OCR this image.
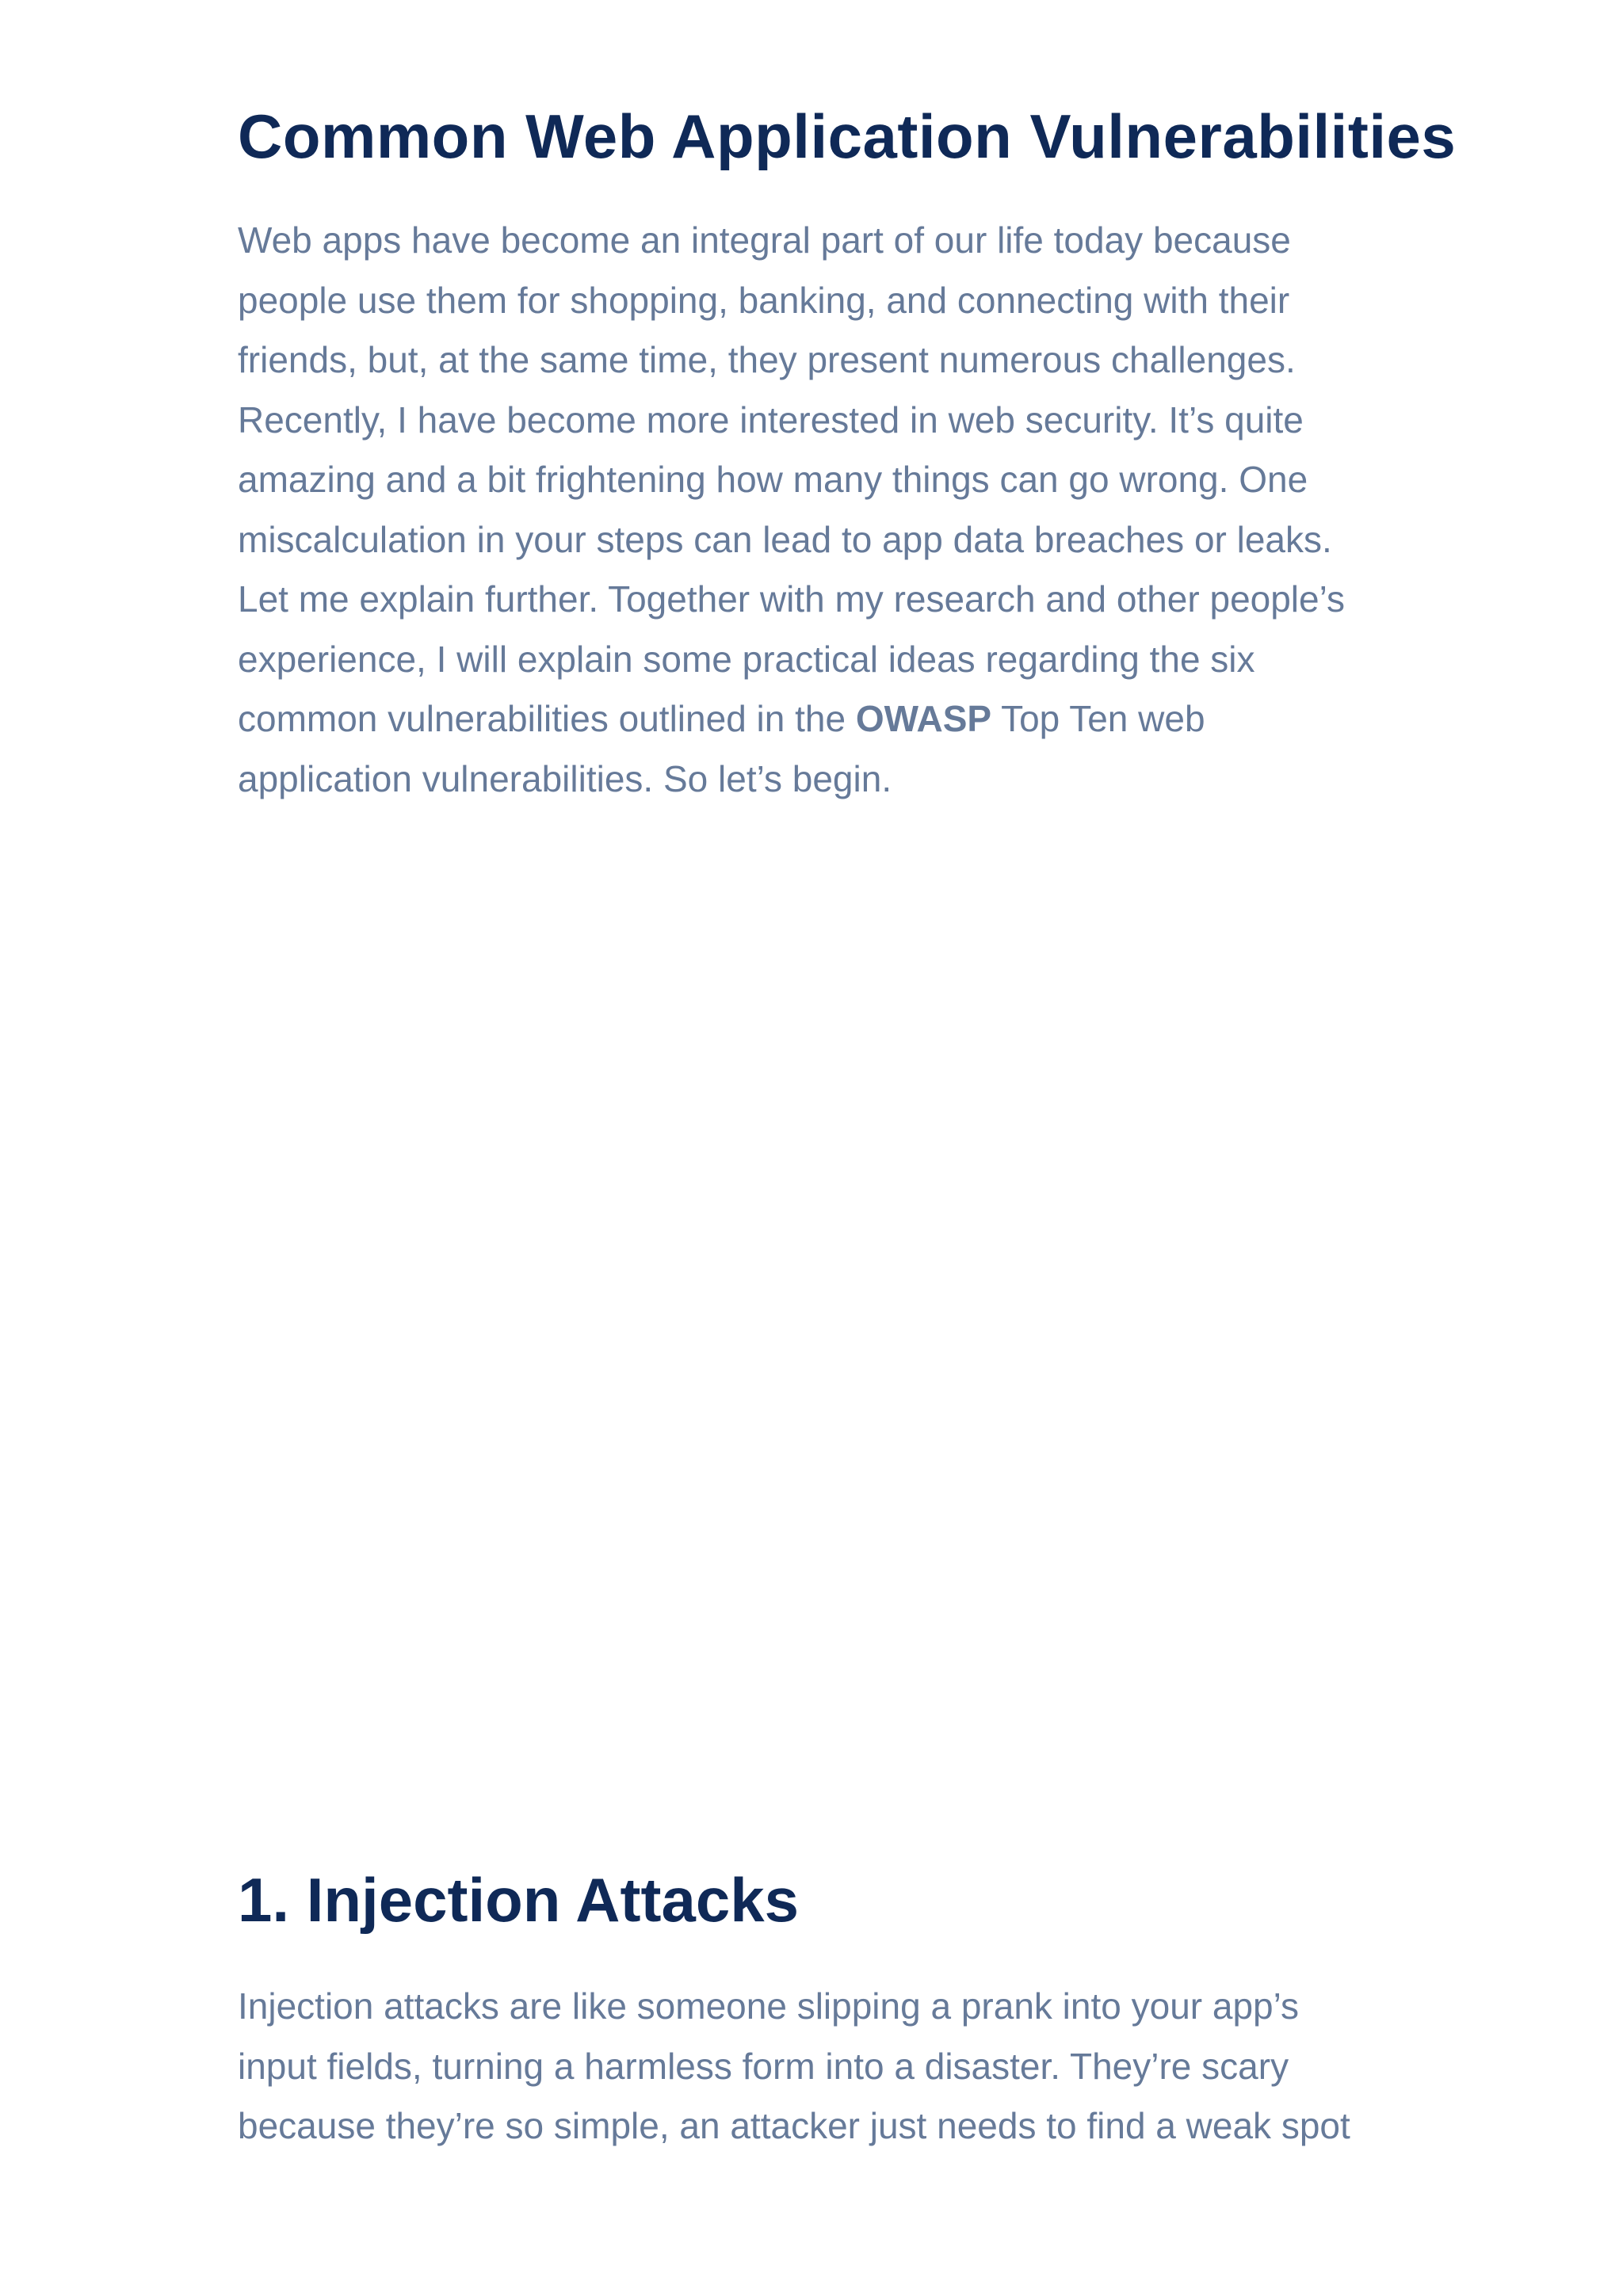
Common Web Application Vulnerabilities

Web apps have become an integral part of our life today because
people use them for shopping, banking, and connecting with their
friends, but, at the same time, they present numerous challenges.
Recently, I have become more interested in web security. It’s quite
amazing and a bit frightening how many things can go wrong. One
miscalculation in your steps can lead to app data breaches or leaks.
Let me explain further. Together with my research and other people’s
experience, I will explain some practical ideas regarding the six
common vulnerabilities outlined in the OWASP Top Ten web
application vulnerabilities. So let’s begin.

1. Injection Attacks

Injection attacks are like someone slipping a prank into your app’s
input fields, turning a harmless form into a disaster. They’re scary
because they’re so simple, an attacker just needs to find a weak spot
